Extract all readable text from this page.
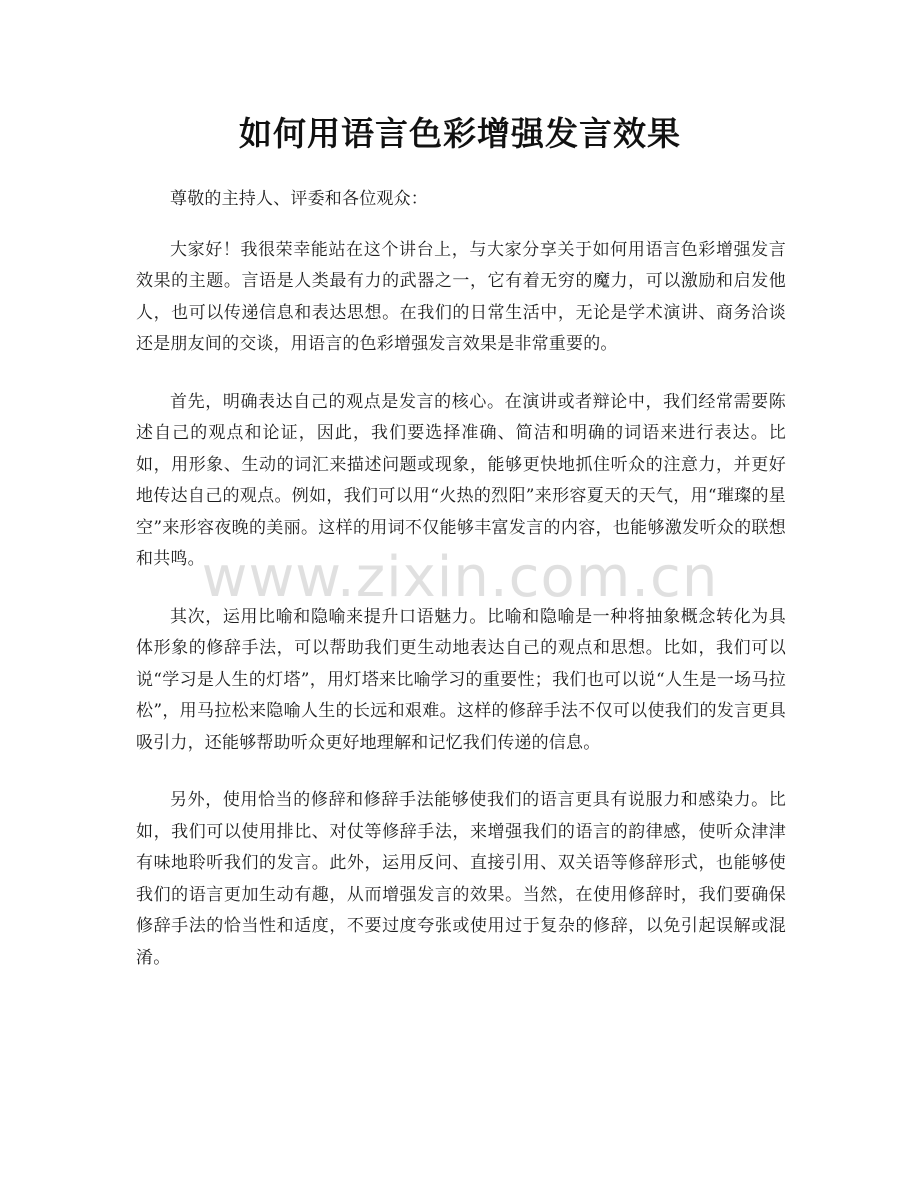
如何用语言色彩增强发言效果

尊敬的主持人、评委和各位观众：

大家好！我很荣幸能站在这个讲台上，与大家分享关于如何用语言色彩增强发言效果的主题。言语是人类最有力的武器之一，它有着无穷的魔力，可以激励和启发他人，也可以传递信息和表达思想。在我们的日常生活中，无论是学术演讲、商务洽谈还是朋友间的交谈，用语言的色彩增强发言效果是非常重要的。

首先，明确表达自己的观点是发言的核心。在演讲或者辩论中，我们经常需要陈述自己的观点和论证，因此，我们要选择准确、简洁和明确的词语来进行表达。比如，用形象、生动的词汇来描述问题或现象，能够更快地抓住听众的注意力，并更好地传达自己的观点。例如，我们可以用“火热的烈阳”来形容夏天的天气，用“璀璨的星空”来形容夜晚的美丽。这样的用词不仅能够丰富发言的内容，也能够激发听众的联想和共鸣。

其次，运用比喻和隐喻来提升口语魅力。比喻和隐喻是一种将抽象概念转化为具体形象的修辞手法，可以帮助我们更生动地表达自己的观点和思想。比如，我们可以说“学习是人生的灯塔”，用灯塔来比喻学习的重要性；我们也可以说“人生是一场马拉松”，用马拉松来隐喻人生的长远和艰难。这样的修辞手法不仅可以使我们的发言更具吸引力，还能够帮助听众更好地理解和记忆我们传递的信息。

另外，使用恰当的修辞和修辞手法能够使我们的语言更具有说服力和感染力。比如，我们可以使用排比、对仗等修辞手法，来增强我们的语言的韵律感，使听众津津有味地聆听我们的发言。此外，运用反问、直接引用、双关语等修辞形式，也能够使我们的语言更加生动有趣，从而增强发言的效果。当然，在使用修辞时，我们要确保修辞手法的恰当性和适度，不要过度夸张或使用过于复杂的修辞，以免引起误解或混淆。

www.zixin.com.cn
